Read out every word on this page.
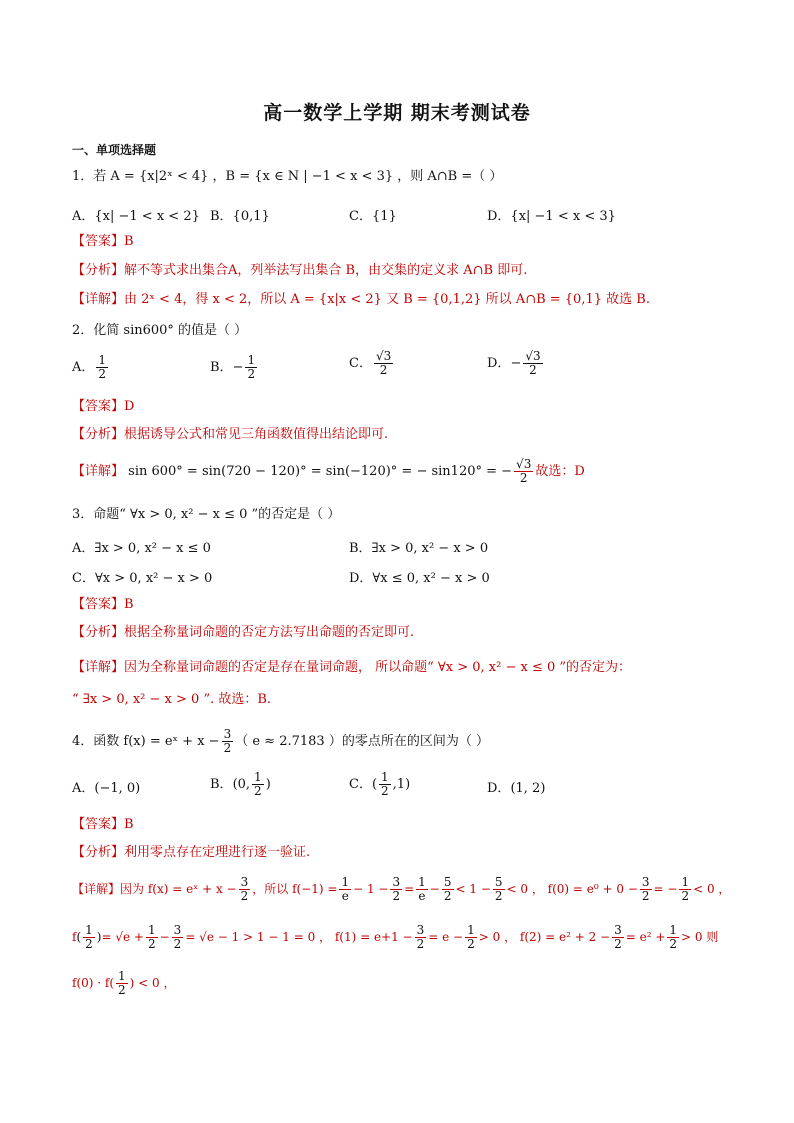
高一数学上学期 期末考测试卷
一、单项选择题
1．若 A = {x|2ˣ < 4} ，B = {x ∈ N | −1 < x < 3} ，则 A∩B =（ ）
A．{x| −1 < x < 2} B．{0,1}	C．{1}	D．{x| −1 < x < 3}
【答案】B
【分析】解不等式求出集合A，列举法写出集合 B，由交集的定义求 A∩B 即可.
【详解】由 2ˣ < 4，得 x < 2，所以 A = {x|x < 2} 又 B = {0,1,2} 所以 A∩B = {0,1} 故选 B.
2．化简 sin600° 的值是（ ）
A． $\frac{1}{2}$	B．− $\frac{1}{2}$	C． $\frac{√3}{2}$	D．− $\frac{√3}{2}$
【答案】D
【分析】根据诱导公式和常见三角函数值得出结论即可.
【详解】 sin 600° = sin(720 − 120)° = sin(−120)° = − sin120° = − $\frac{√3}{2}$ 故选：D
3．命题“ ∀x > 0, x² − x ≤ 0 ”的否定是（ ）
A．∃x > 0, x² − x ≤ 0	B．∃x > 0, x² − x > 0
C．∀x > 0, x² − x > 0	D．∀x ≤ 0, x² − x > 0
【答案】B
【分析】根据全称量词命题的否定方法写出命题的否定即可.
【详解】因为全称量词命题的否定是存在量词命题， 所以命题“ ∀x > 0, x² − x ≤ 0 ”的否定为：
“ ∃x > 0, x² − x > 0 ”. 故选：B.
4．函数 f(x) = eˣ + $x - \frac{3}{2}$ （ e ≈ 2.7183 ）的零点所在的区间为（ ）
A．(−1, 0)	B．(0, $\frac{1}{2}$ )	C．( $\frac{1}{2} ,1$)	D．(1, 2)
【答案】B
【分析】利用零点存在定理进行逐一验证.
【详解】因为 f(x) = eˣ + $x - \frac{3}{2}$ ，所以 $f(-1) = \frac{1}{e} - 1 - \frac{3}{2} = \frac{1}{e} - \frac{5}{2} < 1 - \frac{5}{2} < 0$ ， $f(0) = e^0 + 0 - \frac{3}{2}$ = − $\frac{1}{2} < 0$ ，
$f( \frac{1}{2}$ )= $√e + \frac{1}{2} - \frac{3}{2} = √e - 1 > 1 - 1 = 0$ ， $f(1) = e+1 - \frac{3}{2} = e - \frac{1}{2} > 0$ ， $f(2) = e^2 + 2 - \frac{3}{2} = e^2 + \frac{1}{2} > 0$ 则
$f(0) \cdot f( \frac{1}{2}$ ) < 0 ，
